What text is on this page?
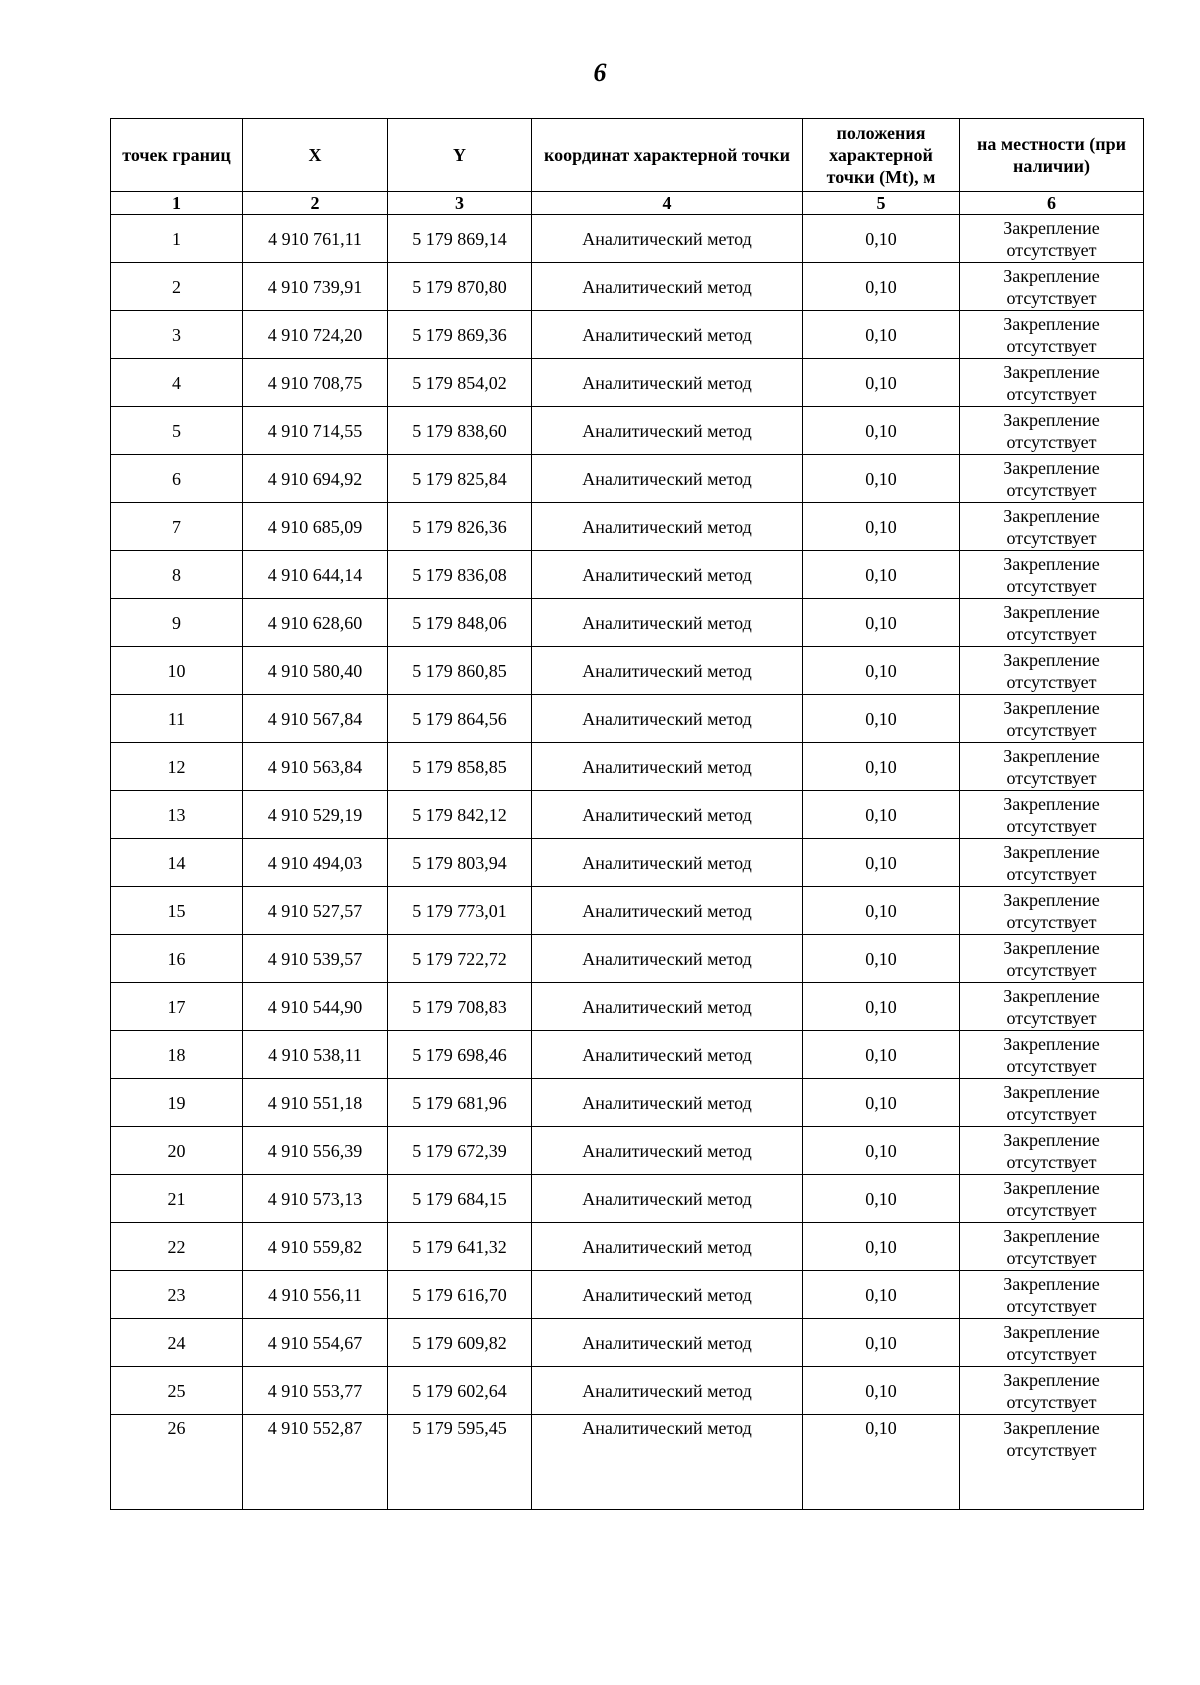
6
точек границ	X	Y	координат характерной точки	положения характерной точки (Mt), м	на местности (при наличии)
1	2	3	4	5	6
1	4 910 761,11	5 179 869,14	Аналитический метод	0,10	Закрепление отсутствует
2	4 910 739,91	5 179 870,80	Аналитический метод	0,10	Закрепление отсутствует
3	4 910 724,20	5 179 869,36	Аналитический метод	0,10	Закрепление отсутствует
4	4 910 708,75	5 179 854,02	Аналитический метод	0,10	Закрепление отсутствует
5	4 910 714,55	5 179 838,60	Аналитический метод	0,10	Закрепление отсутствует
6	4 910 694,92	5 179 825,84	Аналитический метод	0,10	Закрепление отсутствует
7	4 910 685,09	5 179 826,36	Аналитический метод	0,10	Закрепление отсутствует
8	4 910 644,14	5 179 836,08	Аналитический метод	0,10	Закрепление отсутствует
9	4 910 628,60	5 179 848,06	Аналитический метод	0,10	Закрепление отсутствует
10	4 910 580,40	5 179 860,85	Аналитический метод	0,10	Закрепление отсутствует
11	4 910 567,84	5 179 864,56	Аналитический метод	0,10	Закрепление отсутствует
12	4 910 563,84	5 179 858,85	Аналитический метод	0,10	Закрепление отсутствует
13	4 910 529,19	5 179 842,12	Аналитический метод	0,10	Закрепление отсутствует
14	4 910 494,03	5 179 803,94	Аналитический метод	0,10	Закрепление отсутствует
15	4 910 527,57	5 179 773,01	Аналитический метод	0,10	Закрепление отсутствует
16	4 910 539,57	5 179 722,72	Аналитический метод	0,10	Закрепление отсутствует
17	4 910 544,90	5 179 708,83	Аналитический метод	0,10	Закрепление отсутствует
18	4 910 538,11	5 179 698,46	Аналитический метод	0,10	Закрепление отсутствует
19	4 910 551,18	5 179 681,96	Аналитический метод	0,10	Закрепление отсутствует
20	4 910 556,39	5 179 672,39	Аналитический метод	0,10	Закрепление отсутствует
21	4 910 573,13	5 179 684,15	Аналитический метод	0,10	Закрепление отсутствует
22	4 910 559,82	5 179 641,32	Аналитический метод	0,10	Закрепление отсутствует
23	4 910 556,11	5 179 616,70	Аналитический метод	0,10	Закрепление отсутствует
24	4 910 554,67	5 179 609,82	Аналитический метод	0,10	Закрепление отсутствует
25	4 910 553,77	5 179 602,64	Аналитический метод	0,10	Закрепление отсутствует
26	4 910 552,87	5 179 595,45	Аналитический метод	0,10	Закрепление отсутствует
